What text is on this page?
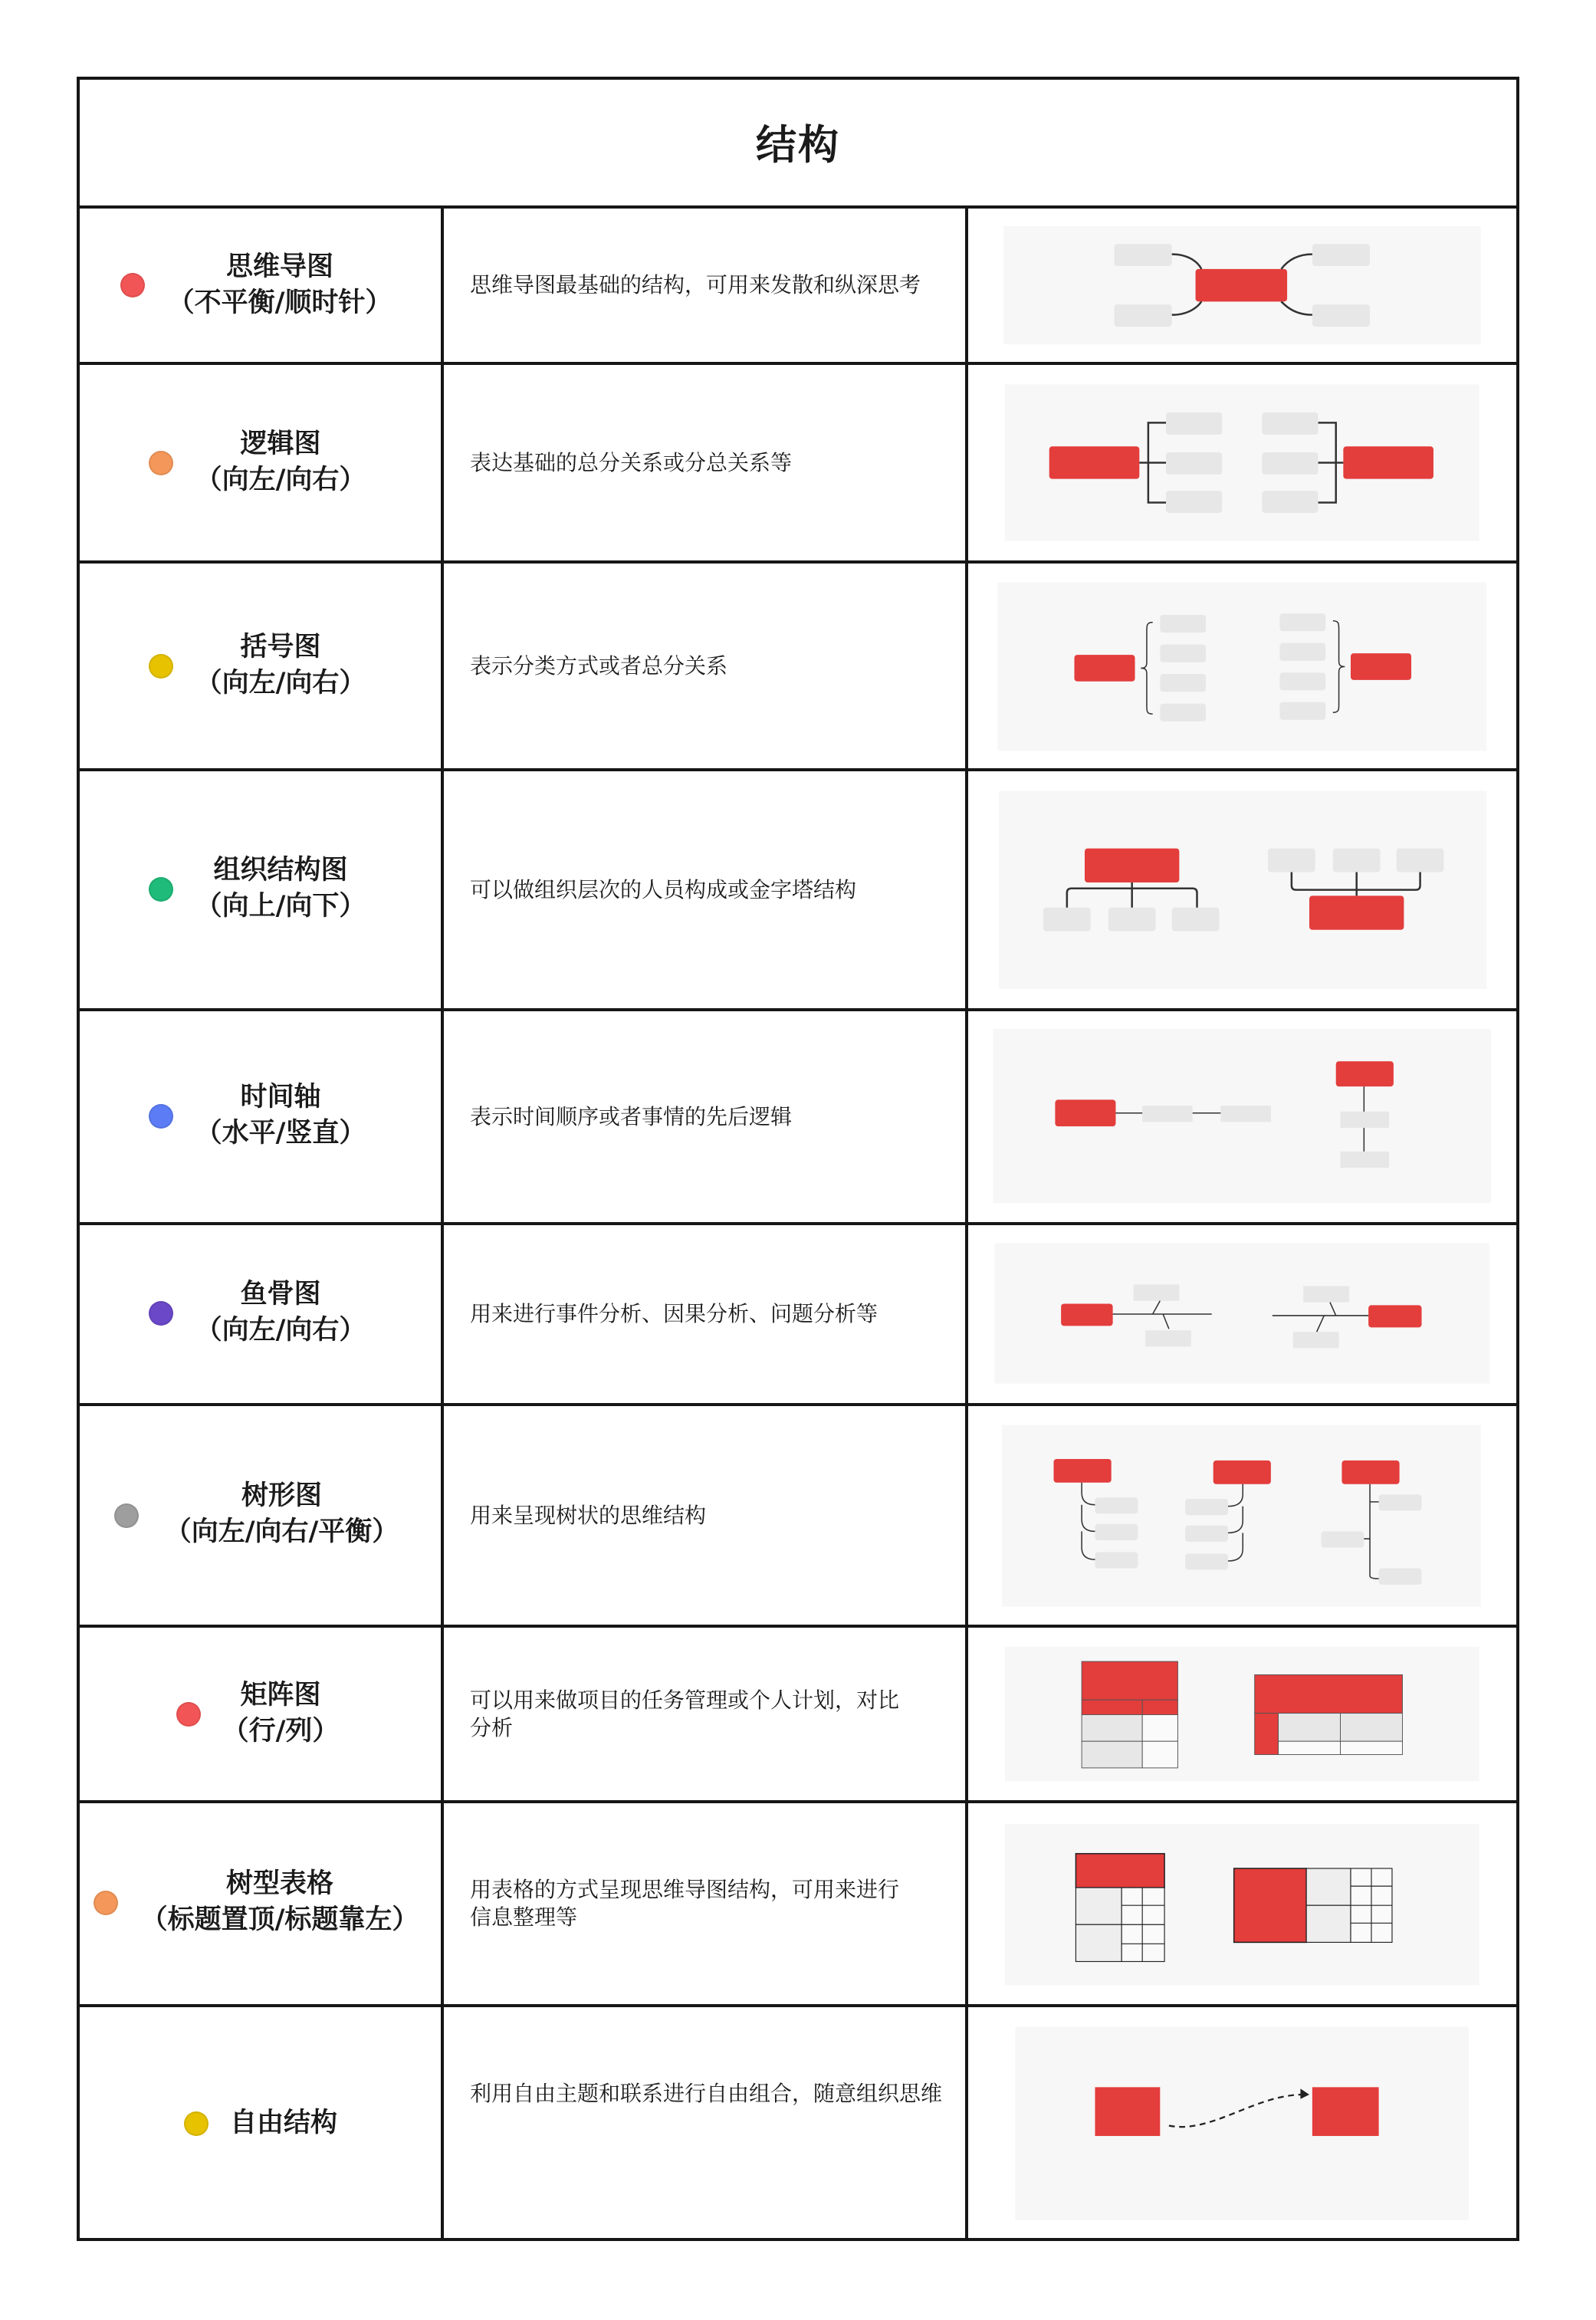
结构
思维导图
（不平衡/顺时针）
思维导图最基础的结构，可用来发散和纵深思考
逻辑图
（向左/向右）
表达基础的总分关系或分总关系等
括号图
（向左/向右）
表示分类方式或者总分关系
组织结构图
（向上/向下）
可以做组织层次的人员构成或金字塔结构
时间轴
（水平/竖直）
表示时间顺序或者事情的先后逻辑
鱼骨图
（向左/向右）
用来进行事件分析、因果分析、问题分析等
树形图
（向左/向右/平衡）
用来呈现树状的思维结构
矩阵图
（行/列）
可以用来做项目的任务管理或个人计划，对比分析
树型表格
（标题置顶/标题靠左）
用表格的方式呈现思维导图结构，可用来进行信息整理等
自由结构
利用自由主题和联系进行自由组合，随意组织思维
